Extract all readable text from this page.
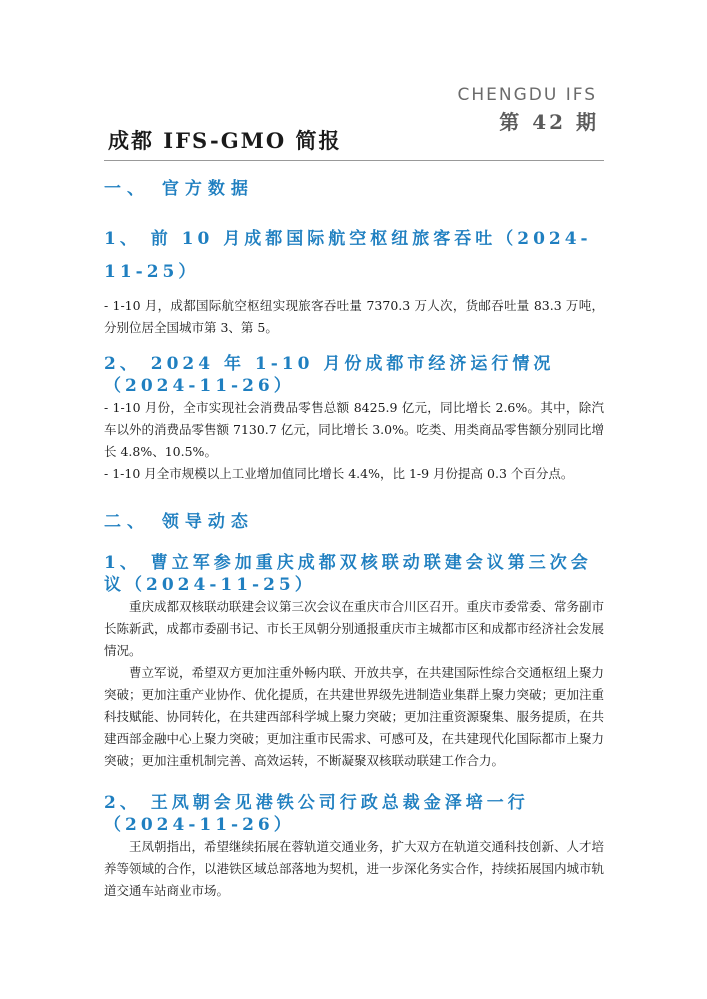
CHENGDU IFS
第 42 期
成都 IFS-GMO 简报
一、 官方数据
1、 前 10 月成都国际航空枢纽旅客吞吐（2024-11-25）

- 1-10 月，成都国际航空枢纽实现旅客吞吐量 7370.3 万人次，货邮吞吐量 83.3 万吨，分别位居全国城市第 3、第 5。

2、 2024 年 1-10 月份成都市经济运行情况（2024-11-26）

- 1-10 月份，全市实现社会消费品零售总额 8425.9 亿元，同比增长 2.6%。其中，除汽车以外的消费品零售额 7130.7 亿元，同比增长 3.0%。吃类、用类商品零售额分别同比增长 4.8%、10.5%。

- 1-10 月全市规模以上工业增加值同比增长 4.4%，比 1-9 月份提高 0.3 个百分点。

二、 领导动态
1、 曹立军参加重庆成都双核联动联建会议第三次会议（2024-11-25）

重庆成都双核联动联建会议第三次会议在重庆市合川区召开。重庆市委常委、常务副市长陈新武，成都市委副书记、市长王凤朝分别通报重庆市主城都市区和成都市经济社会发展情况。

曹立军说，希望双方更加注重外畅内联、开放共享，在共建国际性综合交通枢纽上聚力突破；更加注重产业协作、优化提质，在共建世界级先进制造业集群上聚力突破；更加注重科技赋能、协同转化，在共建西部科学城上聚力突破；更加注重资源聚集、服务提质，在共建西部金融中心上聚力突破；更加注重市民需求、可感可及，在共建现代化国际都市上聚力突破；更加注重机制完善、高效运转，不断凝聚双核联动联建工作合力。

2、 王凤朝会见港铁公司行政总裁金泽培一行（2024-11-26）

王凤朝指出，希望继续拓展在蓉轨道交通业务，扩大双方在轨道交通科技创新、人才培养等领域的合作，以港铁区域总部落地为契机，进一步深化务实合作，持续拓展国内城市轨道交通车站商业市场。
